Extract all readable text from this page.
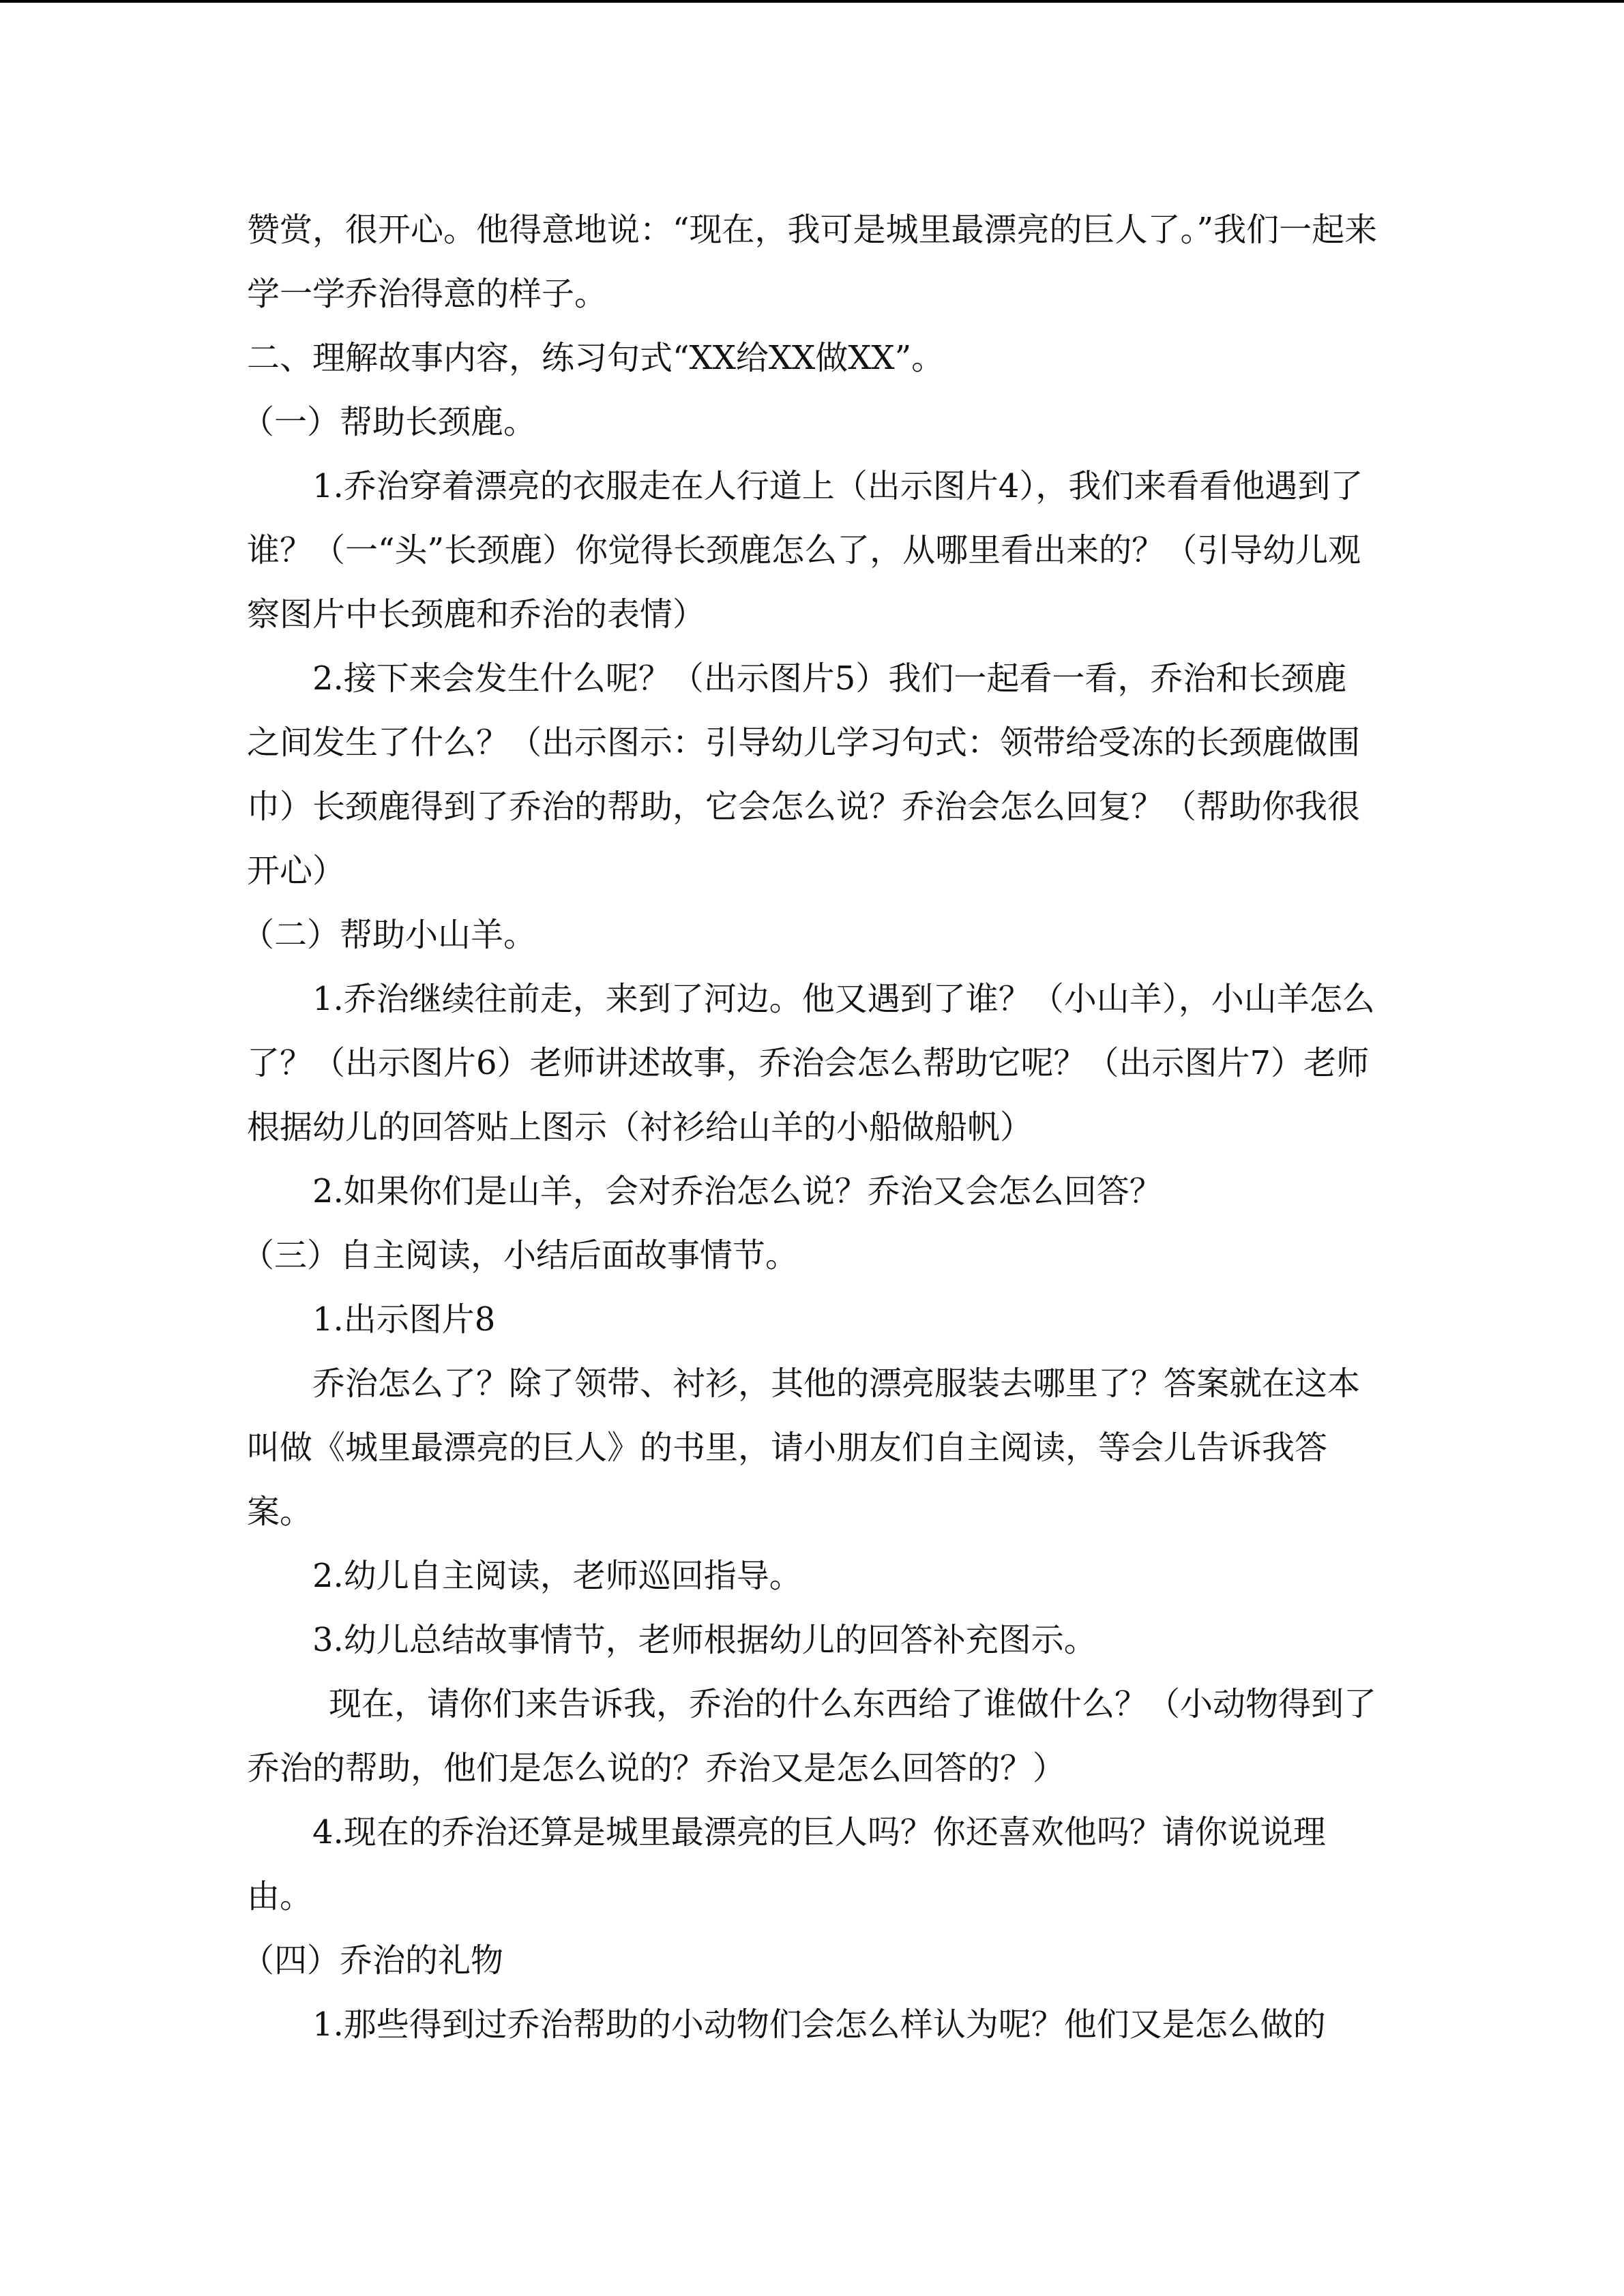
赞赏，很开心。他得意地说：“现在，我可是城里最漂亮的巨人了。”我们一起来学一学乔治得意的样子。

二、理解故事内容，练习句式“XX给XX做XX”。

（一）帮助长颈鹿。

1.乔治穿着漂亮的衣服走在人行道上（出示图片4），我们来看看他遇到了谁？（一“头”长颈鹿）你觉得长颈鹿怎么了，从哪里看出来的？（引导幼儿观察图片中长颈鹿和乔治的表情）

2.接下来会发生什么呢？（出示图片5）我们一起看一看，乔治和长颈鹿之间发生了什么？（出示图示：引导幼儿学习句式：领带给受冻的长颈鹿做围巾）长颈鹿得到了乔治的帮助，它会怎么说？乔治会怎么回复？（帮助你我很开心）

（二）帮助小山羊。

1.乔治继续往前走，来到了河边。他又遇到了谁？（小山羊），小山羊怎么了？（出示图片6）老师讲述故事，乔治会怎么帮助它呢？（出示图片7）老师根据幼儿的回答贴上图示（衬衫给山羊的小船做船帆）

2.如果你们是山羊，会对乔治怎么说？乔治又会怎么回答？

（三）自主阅读，小结后面故事情节。

1.出示图片8

乔治怎么了？除了领带、衬衫，其他的漂亮服装去哪里了？答案就在这本叫做《城里最漂亮的巨人》的书里，请小朋友们自主阅读，等会儿告诉我答案。

2.幼儿自主阅读，老师巡回指导。

3.幼儿总结故事情节，老师根据幼儿的回答补充图示。

现在，请你们来告诉我，乔治的什么东西给了谁做什么？（小动物得到了乔治的帮助，他们是怎么说的？乔治又是怎么回答的？）

4.现在的乔治还算是城里最漂亮的巨人吗？你还喜欢他吗？请你说说理由。

（四）乔治的礼物

1.那些得到过乔治帮助的小动物们会怎么样认为呢？他们又是怎么做的
